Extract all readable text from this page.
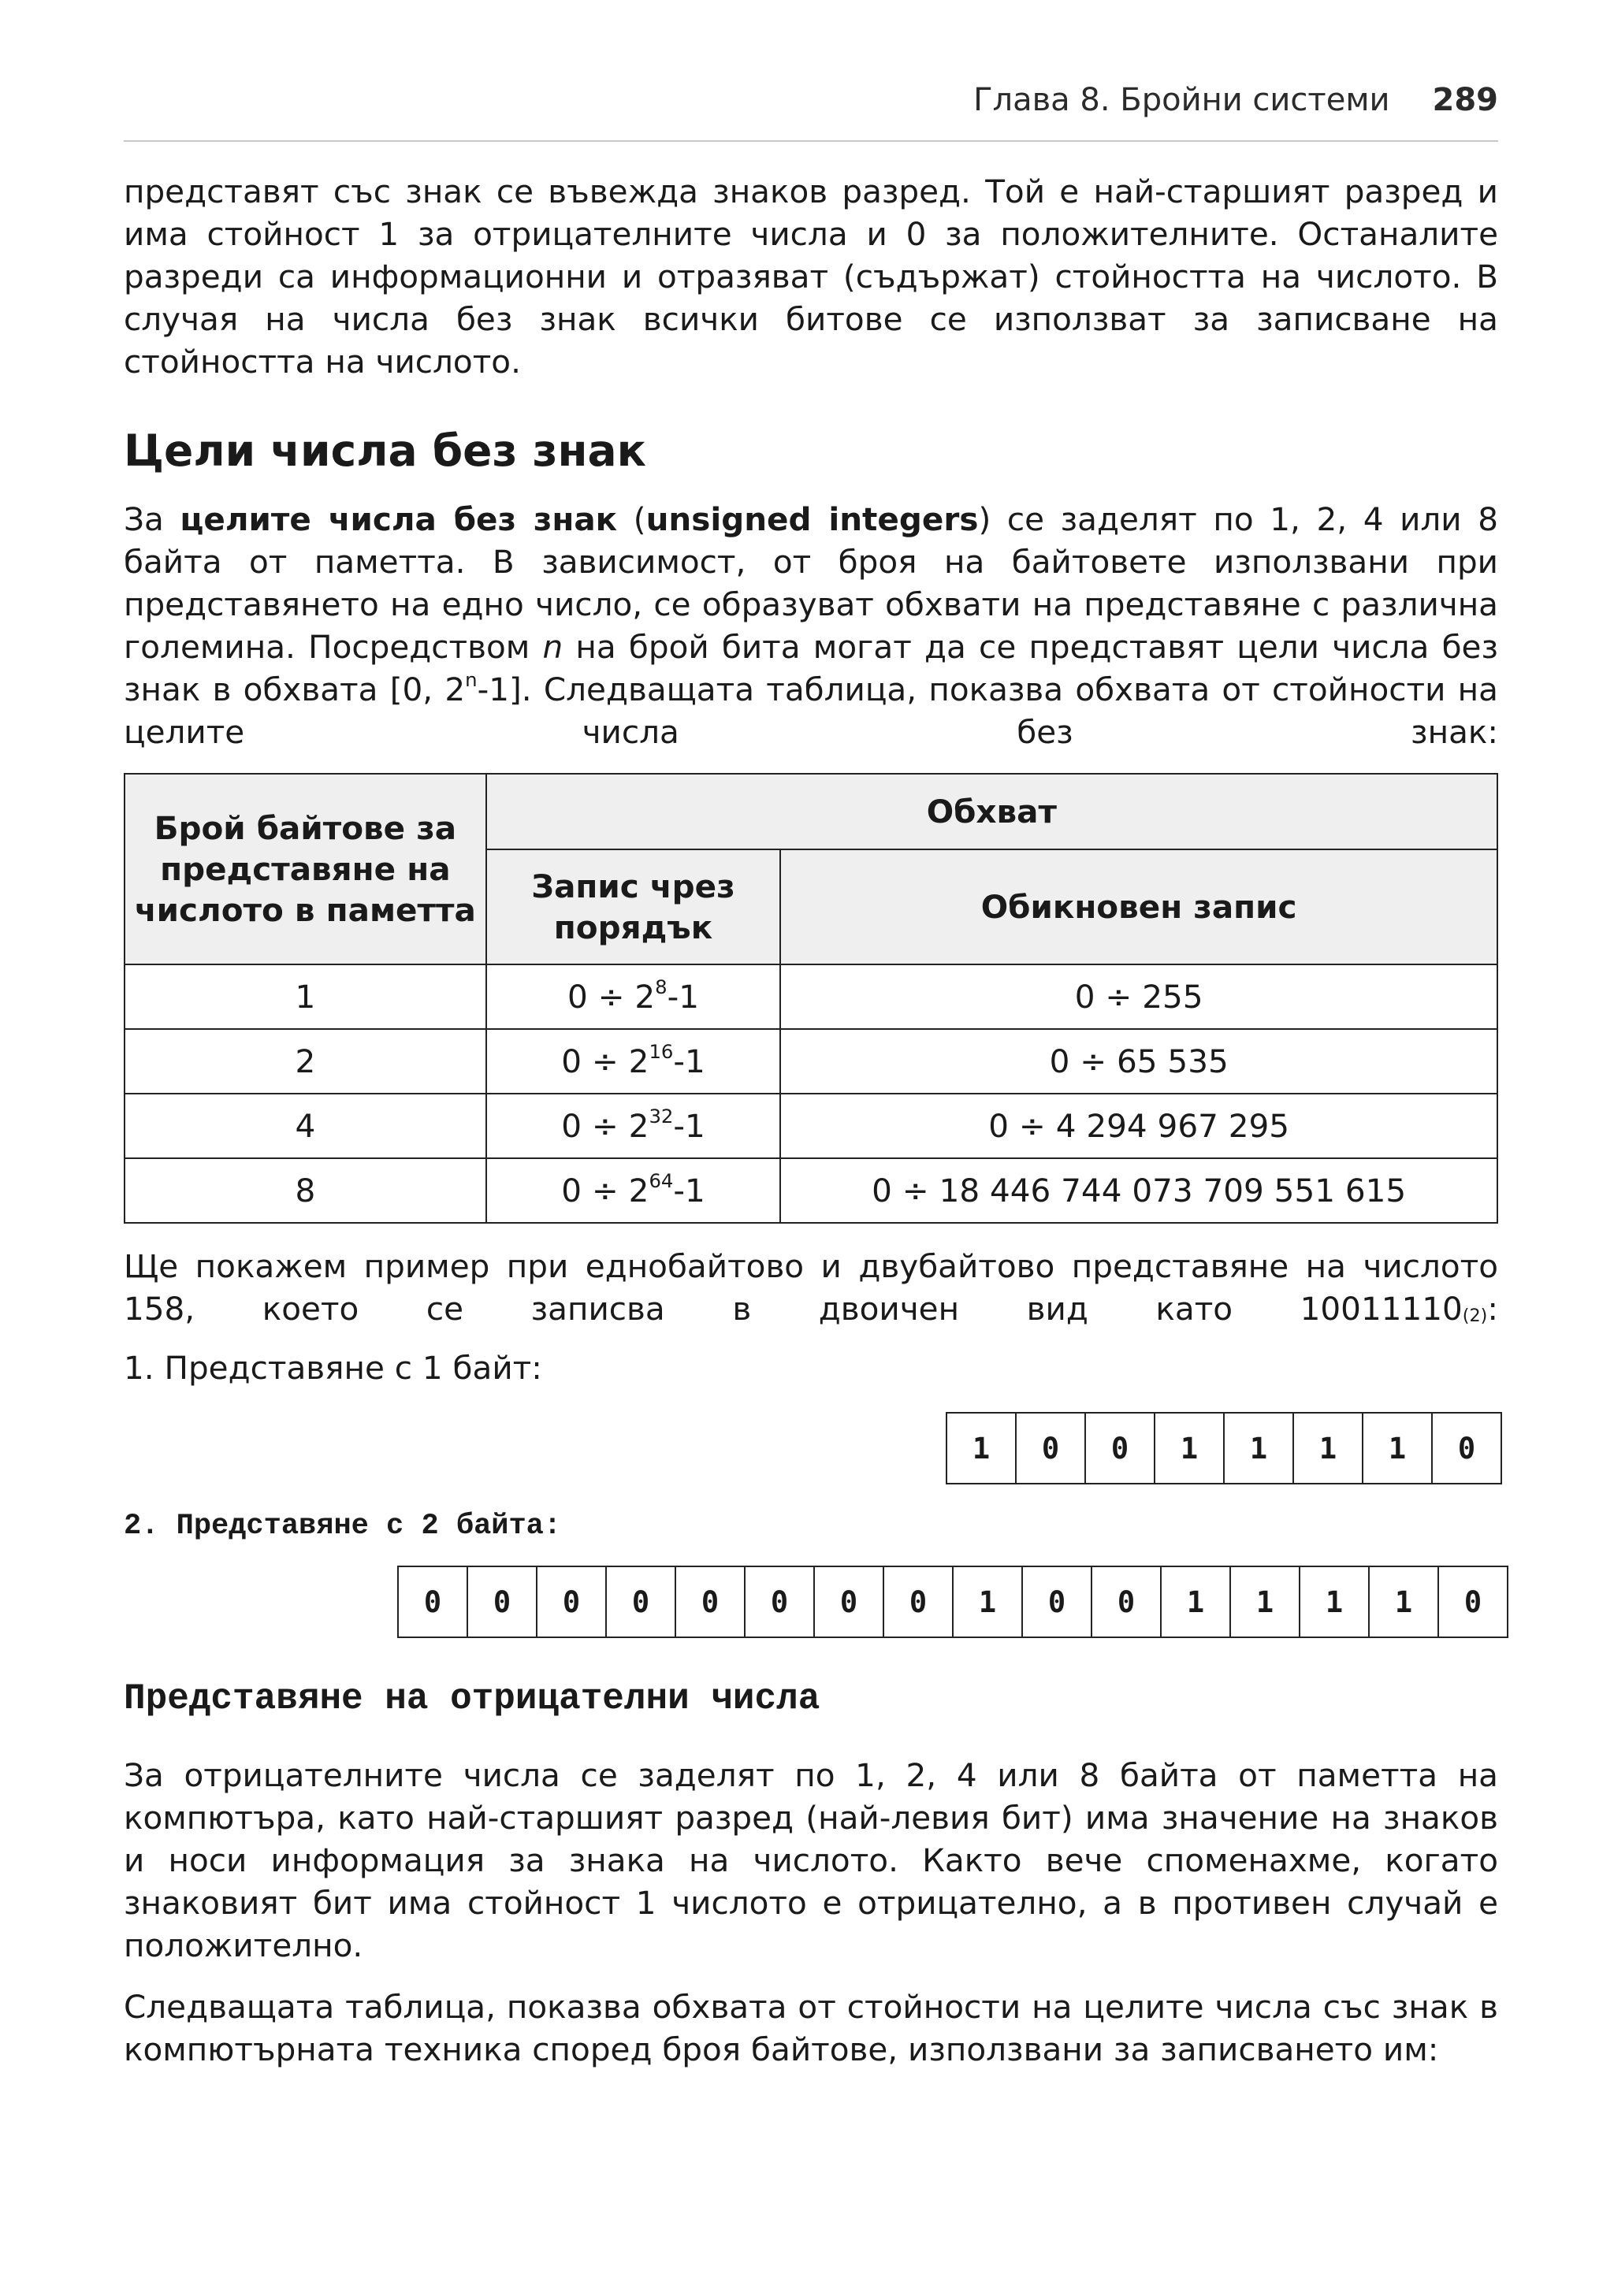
Глава 8. Бройни системи 289

представят със знак се въвежда знаков разред. Той е най-старшият разред и има стойност 1 за отрицателните числа и 0 за положителните. Останалите разреди са информационни и отразяват (съдържат) стойността на числото. В случая на числа без знак всички битове се използват за записване на стойността на числото.

Цели числа без знак

За целите числа без знак (unsigned integers) се заделят по 1, 2, 4 или 8 байта от паметта. В зависимост, от броя на байтовете използвани при представянето на едно число, се образуват обхвати на представяне с различна големина. Посредством n на брой бита могат да се представят цели числа без знак в обхвата [0, 2$^n$-1]. Следващата таблица, показва обхвата от стойности на целите числа без знак:

Брой байтове за представяне на числото в паметта	Обхват	
	Запис чрез порядък	Обикновен запис
1	$0 \div 2^8-1$	0 ÷ 255
2	$0 \div 2^{16}-1$	0 ÷ 65 535
4	$0 \div 2^{32}-1$	0 ÷ 4 294 967 295
8	$0 \div 2^{64}-1$	0 ÷ 18 446 744 073 709 551 615

Ще покажем пример при еднобайтово и двубайтово представяне на числото 158, което се записва в двоичен вид като 10011110(2):

1. Представяне с 1 байт:
1	0	0	1	1	1	1	0
2. Представяне с 2 байта:
0	0	0	0	0	0	0	0	1	0	0	1	1	1	1	0
Представяне на отрицателни числа

За отрицателните числа се заделят по 1, 2, 4 или 8 байта от паметта на компютъра, като най-старшият разред (най-левия бит) има значение на знаков и носи информация за знака на числото. Както вече споменахме, когато знаковият бит има стойност 1 числото е отрицателно, а в противен случай е положително.

Следващата таблица, показва обхвата от стойности на целите числа със знак в компютърната техника според броя байтове, използвани за записването им:
